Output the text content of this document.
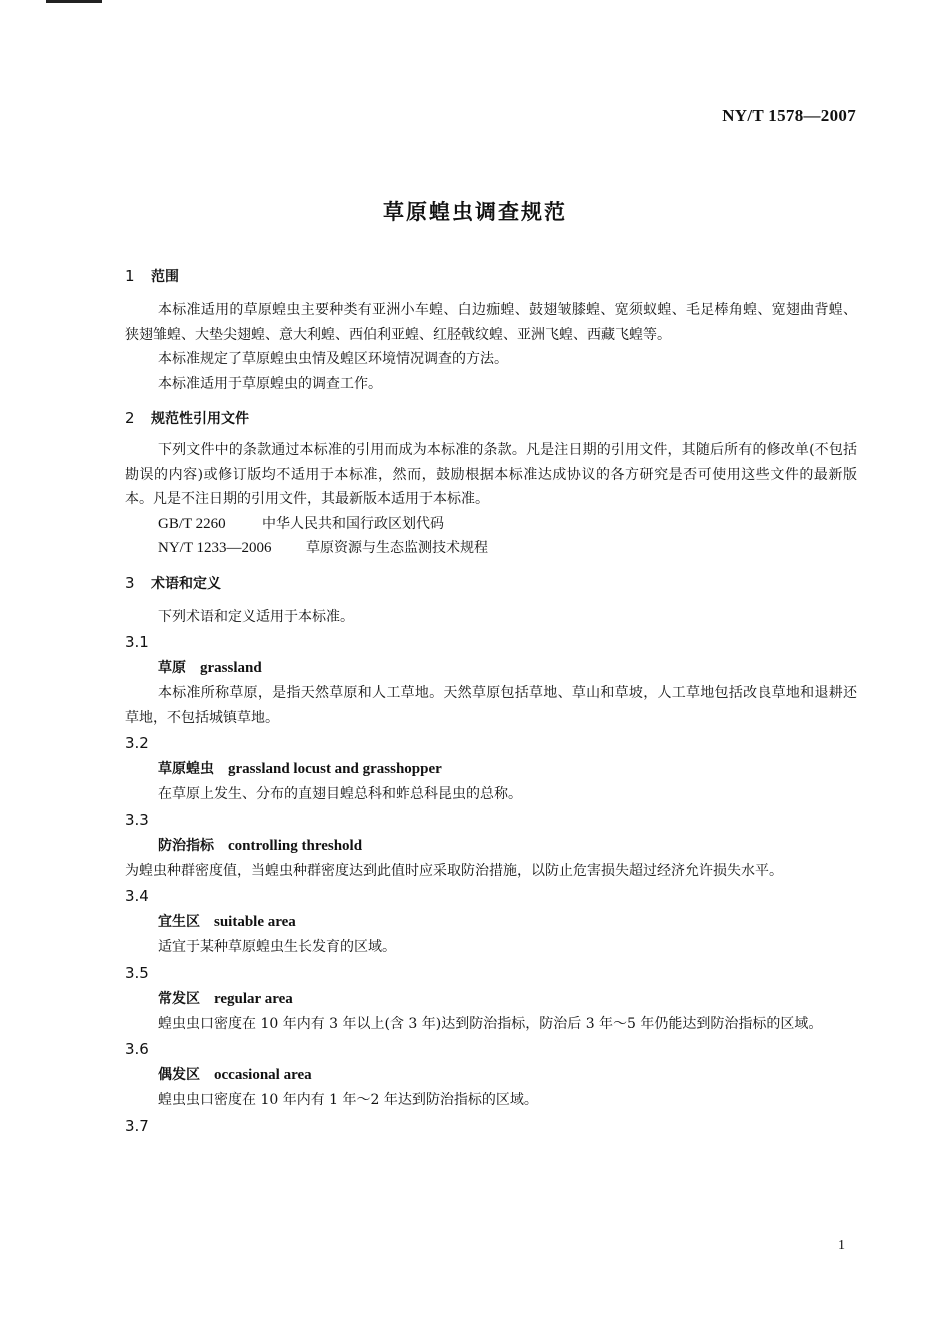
NY/T 1578—2007
草原蝗虫调查规范

1 范围

本标准适用的草原蝗虫主要种类有亚洲小车蝗、白边痂蝗、鼓翅皱膝蝗、宽须蚁蝗、毛足棒角蝗、宽翅曲背蝗、狭翅雏蝗、大垫尖翅蝗、意大利蝗、西伯利亚蝗、红胫戟纹蝗、亚洲飞蝗、西藏飞蝗等。

本标准规定了草原蝗虫虫情及蝗区环境情况调查的方法。

本标准适用于草原蝗虫的调查工作。

2 规范性引用文件

下列文件中的条款通过本标准的引用而成为本标准的条款。凡是注日期的引用文件，其随后所有的修改单(不包括勘误的内容)或修订版均不适用于本标准，然而，鼓励根据本标准达成协议的各方研究是否可使用这些文件的最新版本。凡是不注日期的引用文件，其最新版本适用于本标准。

GB/T 2260	中华人民共和国行政区划代码

NY/T 1233—2006 草原资源与生态监测技术规程

3 术语和定义

下列术语和定义适用于本标准。

3.1

草原 grassland

本标准所称草原，是指天然草原和人工草地。天然草原包括草地、草山和草坡，人工草地包括改良草地和退耕还草地，不包括城镇草地。

3.2

草原蝗虫 grassland locust and grasshopper

在草原上发生、分布的直翅目蝗总科和蚱总科昆虫的总称。

3.3

防治指标 controlling threshold

为蝗虫种群密度值，当蝗虫种群密度达到此值时应采取防治措施，以防止危害损失超过经济允许损失水平。

3.4

宜生区 suitable area

适宜于某种草原蝗虫生长发育的区域。

3.5

常发区 regular area

蝗虫虫口密度在 10 年内有 3 年以上(含 3 年)达到防治指标，防治后 3 年～5 年仍能达到防治指标的区域。

3.6

偶发区 occasional area

蝗虫虫口密度在 10 年内有 1 年～2 年达到防治指标的区域。

3.7

1
